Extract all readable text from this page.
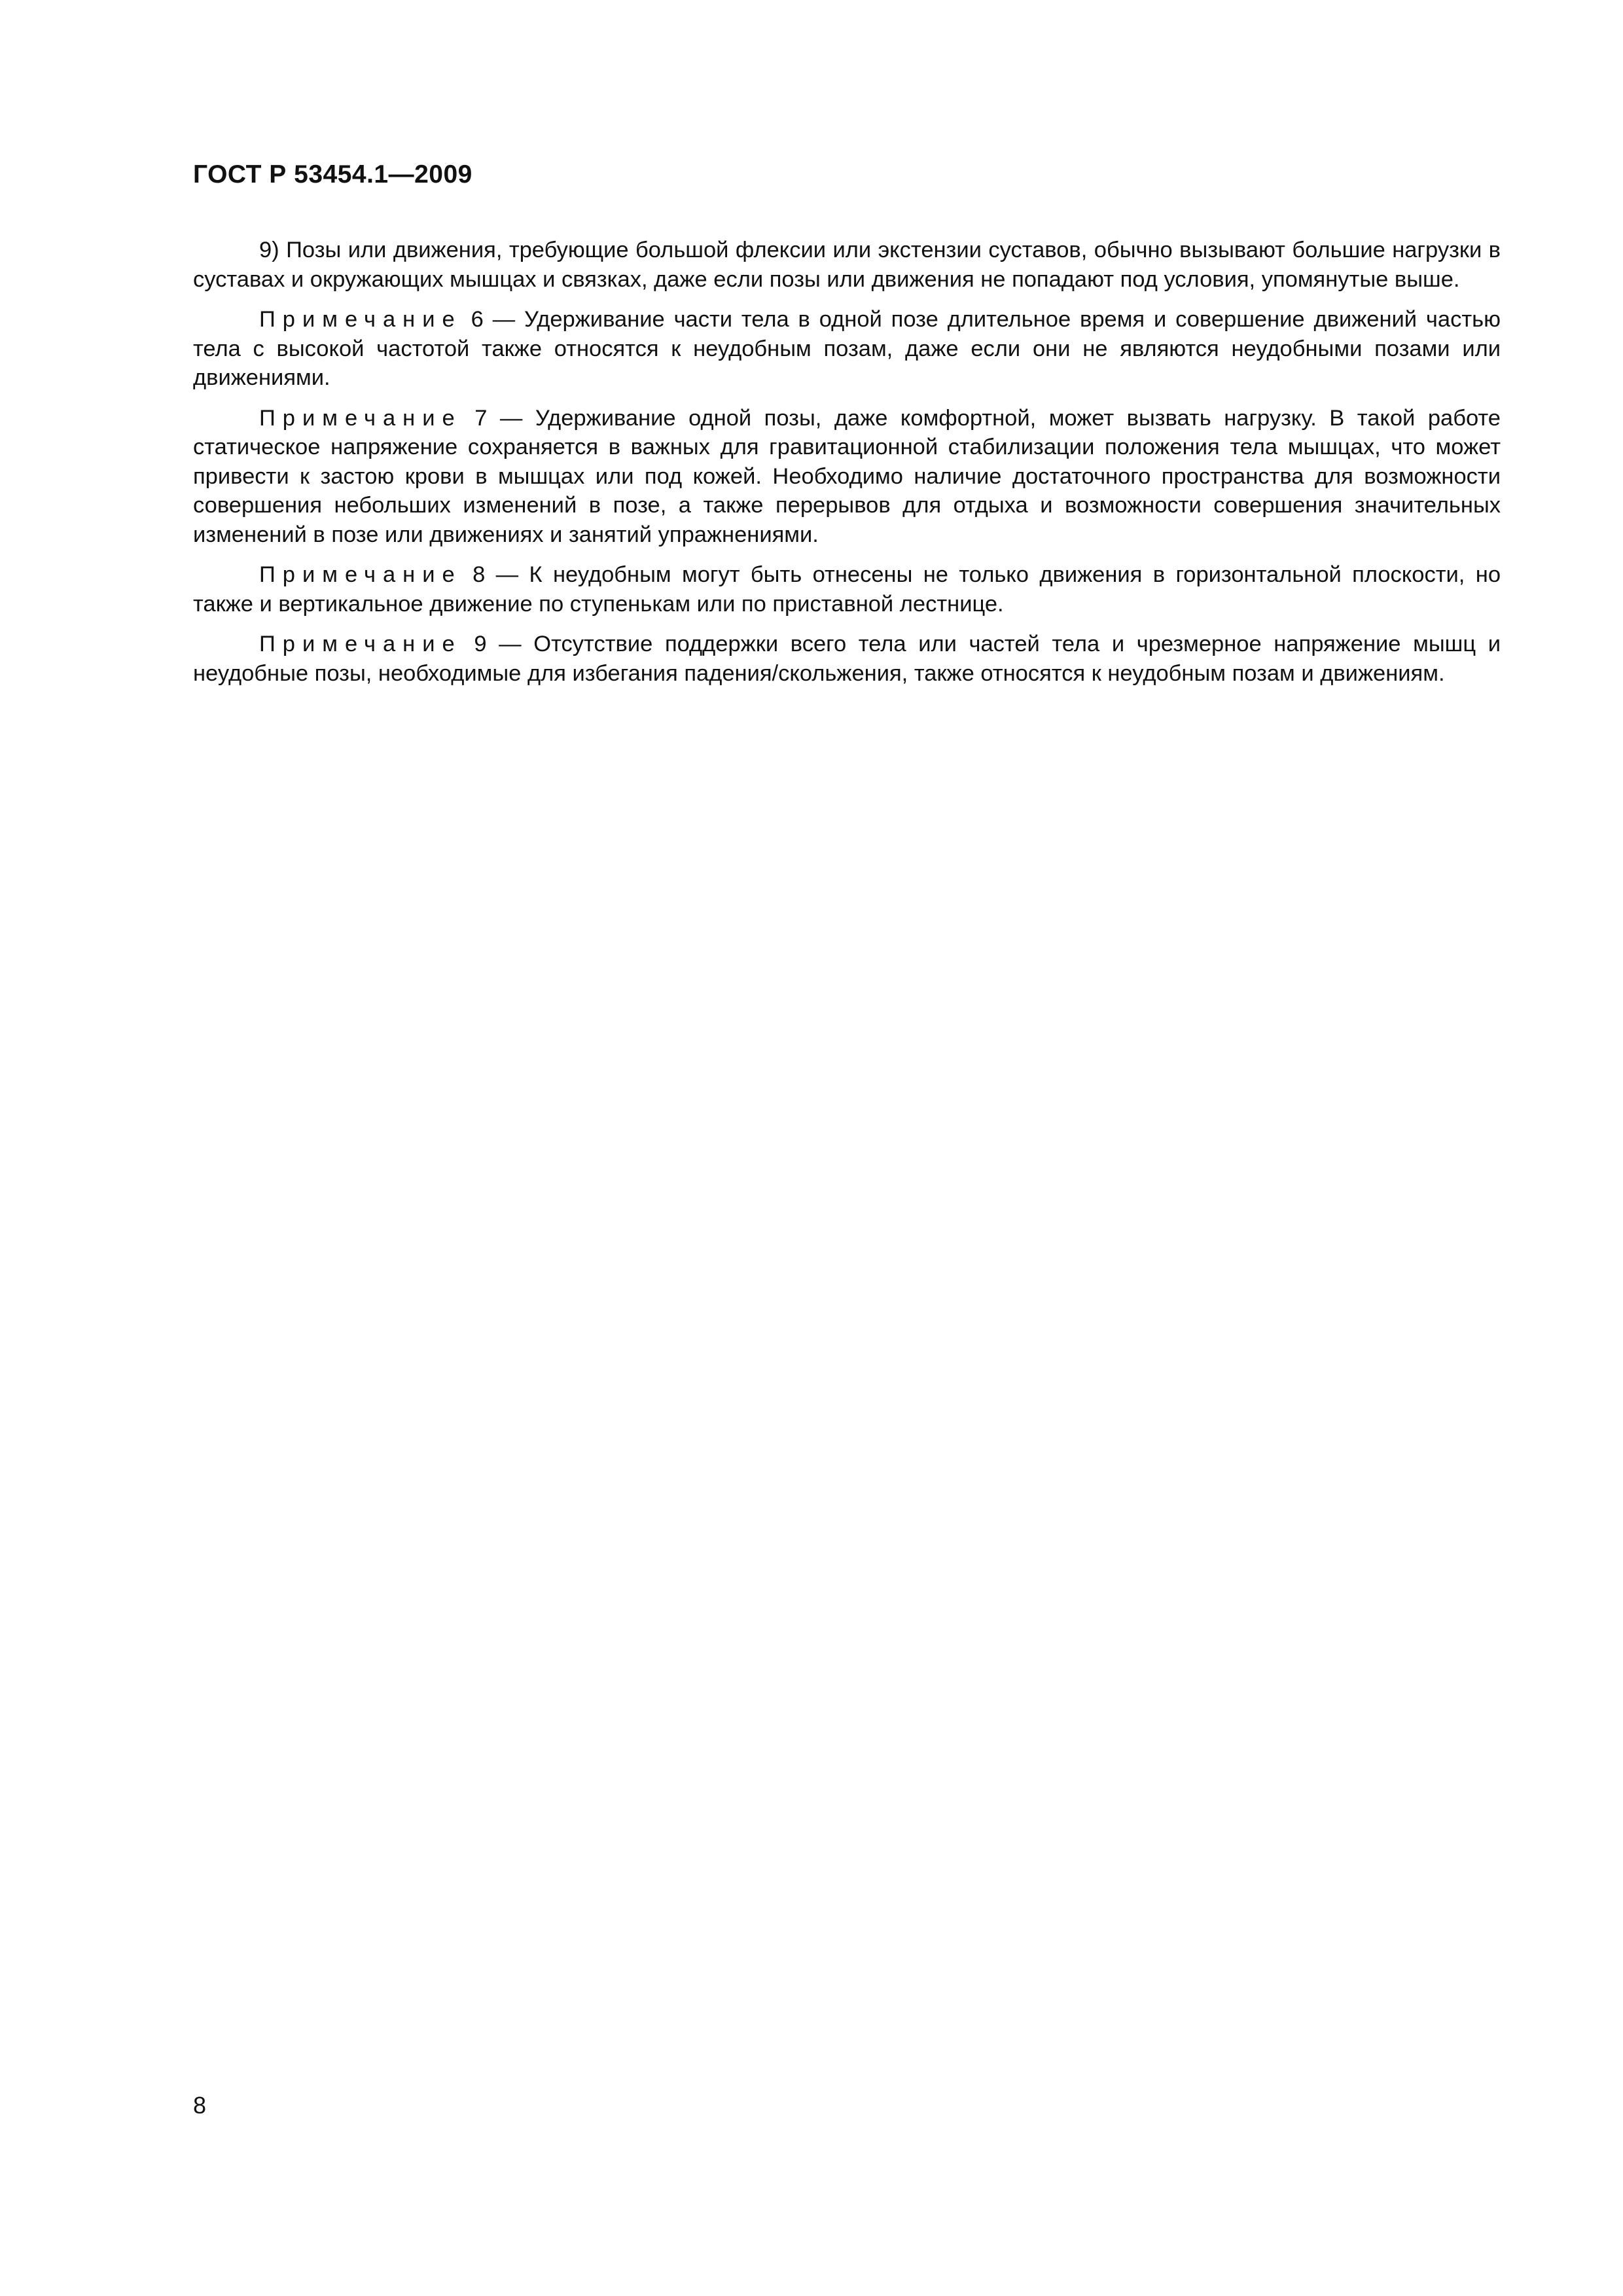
ГОСТ Р 53454.1—2009

9) Позы или движения, требующие большой флексии или экстензии суставов, обычно вызывают большие нагрузки в суставах и окружающих мышцах и связках, даже если позы или движения не попадают под условия, упомянутые выше.

Примечание 6 — Удерживание части тела в одной позе длительное время и совершение движений частью тела с высокой частотой также относятся к неудобным позам, даже если они не являются неудобными позами или движениями.

Примечание 7 — Удерживание одной позы, даже комфортной, может вызвать нагрузку. В такой работе статическое напряжение сохраняется в важных для гравитационной стабилизации положения тела мышцах, что может привести к застою крови в мышцах или под кожей. Необходимо наличие достаточного пространства для возможности совершения небольших изменений в позе, а также перерывов для отдыха и возможности совершения значительных изменений в позе или движениях и занятий упражнениями.

Примечание 8 — К неудобным могут быть отнесены не только движения в горизонтальной плоскости, но также и вертикальное движение по ступенькам или по приставной лестнице.

Примечание 9 — Отсутствие поддержки всего тела или частей тела и чрезмерное напряжение мышц и неудобные позы, необходимые для избегания падения/скольжения, также относятся к неудобным позам и движениям.

8
